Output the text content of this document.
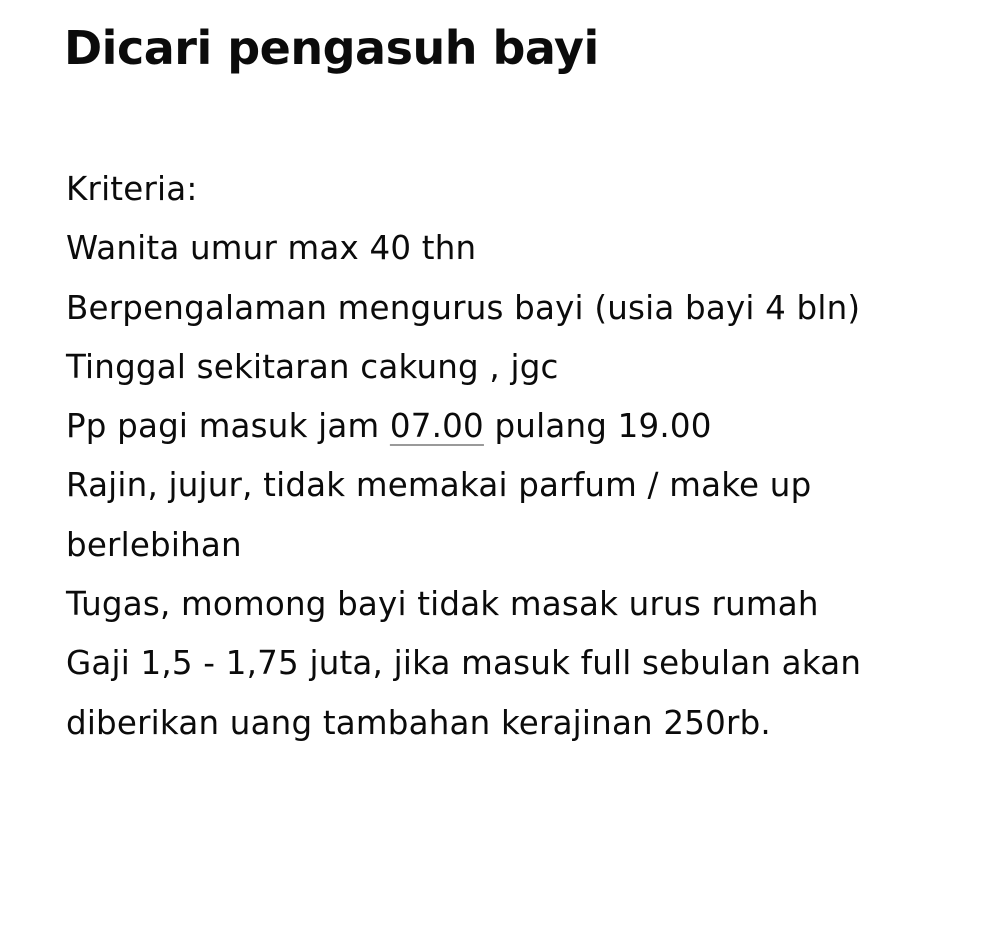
Dicari pengasuh bayi
Kriteria:
Wanita umur max 40 thn
Berpengalaman mengurus bayi (usia bayi 4 bln)
Tinggal sekitaran cakung , jgc
Pp pagi masuk jam 07.00 pulang 19.00
Rajin, jujur, tidak memakai parfum / make up
berlebihan
Tugas, momong bayi tidak masak urus rumah
Gaji 1,5 - 1,75 juta, jika masuk full sebulan akan
diberikan uang tambahan kerajinan 250rb.
